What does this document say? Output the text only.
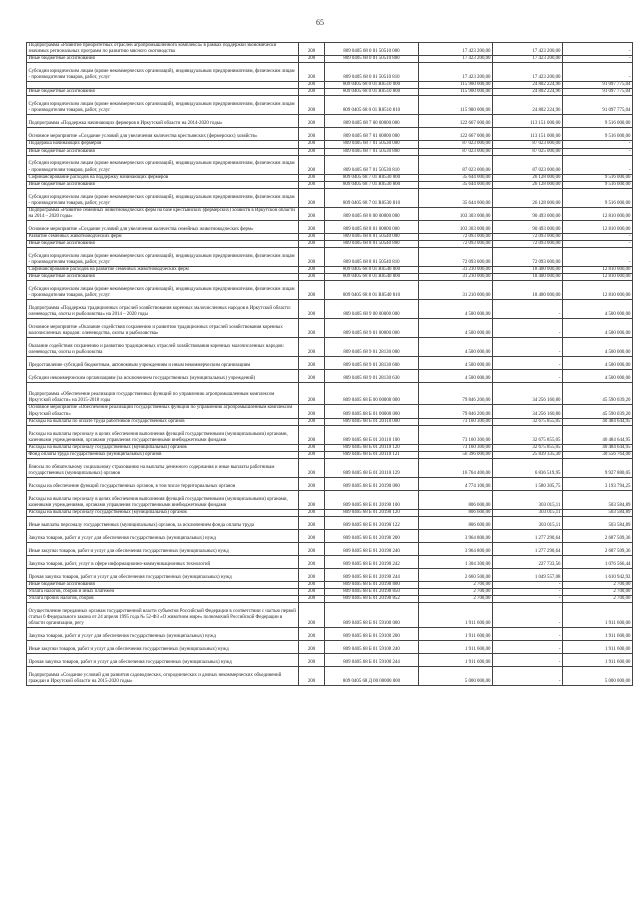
65
Подпрограмма «Развитие приоритетных отраслей агропромышленного комплекса» в рамках поддержки экономически значимых региональных программ по развитию мясного скотоводства	200	809 0405 68 0 01 50510 000	17 423 200,00	17 423 200,00	-
Иные бюджетные ассигнования	200	809 0405 68 0 01 50510 800	17 423 200,00	17 423 200,00	-
Субсидии юридическим лицам (кроме некоммерческих организаций), индивидуальным предпринимателям, физическим лицам - производителям товаров, работ, услуг	200	809 0405 68 0 01 50510 810	17 423 200,00	17 423 200,00	-
	200	809 0405 68 0 01 R0510 000	115 900 000,00	24 802 224,96	91 097 775,04
Иные бюджетные ассигнования	200	809 0405 68 0 01 R0510 800	115 900 000,00	24 802 224,96	91 097 775,04
Субсидии юридическим лицам (кроме некоммерческих организаций), индивидуальным предпринимателям, физическим лицам - производителям товаров, работ, услуг	200	809 0405 68 0 01 R0510 810	115 900 000,00	24 802 224,96	91 097 775,04
Подпрограмма «Поддержка начинающих фермеров в Иркутской области на 2014-2020 годы»	200	809 0405 68 7 00 00000 000	122 667 000,00	113 151 000,00	9 516 000,00
Основное мероприятие «Создание условий для увеличения количества крестьянских (фермерских) хозяйств»	200	809 0405 68 7 01 00000 000	122 667 000,00	113 151 000,00	9 516 000,00
Поддержка начинающих фермеров	200	809 0405 68 7 01 50530 000	87 023 000,00	87 023 000,00	-
Иные бюджетные ассигнования	200	809 0405 68 7 01 50530 800	87 023 000,00	87 025 000,00	-
Субсидии юридическим лицам (кроме некоммерческих организаций), индивидуальным предпринимателям, физическим лицам - производителям товаров, работ, услуг	200	809 0405 68 7 01 50530 810	87 023 000,00	87 023 000,00	-
Софинансирование расходов на поддержку начинающих фермеров	200	809 0405 68 7 01 R0530 000	35 644 000,00	26 128 000,00	9 516 000,00
Иные бюджетные ассигнования	200	809 0405 68 7 01 R0530 800	35 644 000,00	26 128 000,00	9 516 000,00
Субсидии юридическим лицам (кроме некоммерческих организаций), индивидуальным предпринимателям, физическим лицам - производителям товаров, работ, услуг	200	809 0405 68 7 01 R0530 810	35 644 000,00	26 128 000,00	9 516 000,00
Подпрограмма «Развитие семейных животноводческих ферм на базе крестьянских (фермерских) хозяйств в Иркутской области на 2014 – 2020 годы»	200	809 0405 68 8 00 00000 000	103 303 000,00	90 493 000,00	12 810 000,00
Основное мероприятие «Создание условий для увеличения количества семейных животноводческих ферм»	200	809 0405 68 8 01 00000 000	103 303 000,00	90 493 000,00	12 810 000,00
Развитие семейных животноводческих ферм	200	809 0405 68 8 01 50540 000	72 093 000,00	72 093 000,00	-
Иные бюджетные ассигнования	200	809 0405 68 8 01 50540 800	72 093 000,00	72 093 000,00	-
Субсидии юридическим лицам (кроме некоммерческих организаций), индивидуальным предпринимателям, физическим лицам - производителям товаров, работ, услуг	200	809 0405 68 8 01 50540 810	72 093 000,00	72 093 000,00	-
Софинансирование расходов на развитие семейных животноводческих ферм	200	809 0405 68 8 01 R0540 000	31 210 000,00	18 400 000,00	12 810 000,00
Иные бюджетные ассигнования	200	809 0405 68 8 01 R0540 800	31 210 000,00	18 400 000,00	12 810 000,00
Субсидии юридическим лицам (кроме некоммерческих организаций), индивидуальным предпринимателям, физическим лицам - производителям товаров, работ, услуг	200	809 0405 68 8 01 R0540 810	31 210 000,00	18 400 000,00	12 810 000,00
Подпрограмма «Поддержка традиционных отраслей хозяйствования коренных малочисленных народов в Иркутской области: оленеводства, охоты и рыболовства» на 2014 – 2020 годы	200	809 0405 68 9 00 00000 000	4 500 000,00	-	4 500 000,00
Основное мероприятие «Оказание содействия сохранению и развитию традиционных отраслей хозяйствования коренных малочисленных народов: оленеводства, охоты и рыболовства»	200	809 0405 68 9 01 00000 000	4 500 000,00	-	4 500 000,00
Оказание содействия сохранению и развитию традиционных отраслей хозяйствования коренных малочисленных народов: оленеводства, охоты и рыболовства	200	809 0405 68 9 01 28130 000	4 500 000,00	-	4 500 000,00
Предоставление субсидий бюджетным, автономным учреждениям и иным некоммерческим организациям	200	809 0405 68 9 01 28130 600	4 500 000,00	-	4 500 000,00
Субсидии некоммерческим организациям (за исключением государственных (муниципальных) учреждений)	200	809 0405 68 9 01 28130 630	4 500 000,00	-	4 500 000,00
Подпрограмма «Обеспечение реализации государственных функций по управлению агропромышленным комплексом Иркутской области» на 2015-2018 годы	200	809 0405 68 Б 00 00000 000	79 846 200,00	34 256 160,80	45 590 039,20
Основное мероприятие «Обеспечение реализации государственных функций по управлению агропромышленным комплексом Иркутской области»	200	809 0405 68 Б 01 00000 000	79 846 200,00	34 256 160,80	45 590 039,20
Расходы на выплаты по оплате труда работников государственных органов	200	809 0405 68 Б 01 20110 000	73 160 300,00	32 675 855,05	40 484 644,95
Расходы на выплаты персоналу в целях обеспечения выполнения функций государственными (муниципальными) органами, казенными учреждениями, органами управления государственными внебюджетными фондами	200	809 0405 68 Б 01 20110 100	73 160 300,00	32 675 855,05	40 484 644,95
Расходы на выплаты персоналу государственных (муниципальных) органов	200	809 0405 68 Б 01 20110 120	73 160 300,00	32 675 855,05	40 484 644,95
Фонд оплаты труда государственных (муниципальных) органов	200	809 0405 68 Б 01 20110 121	56 396 000,00	25 839 335,30	30 556 764,00
Взносы по обязательному социальному страхованию на выплаты денежного содержания и иные выплаты работникам государственных (муниципальных) органов	200	809 0405 68 Б 01 20110 129	16 764 400,00	6 836 519,95	9 927 880,05
Расходы на обеспечение функций государственных органов, в том числе территориальных органов	200	809 0405 68 Б 01 20190 000	4 774 100,00	1 580 305,75	3 193 794,25
Расходы на выплаты персоналу в целях обеспечения выполнения функций государственными (муниципальными) органами, казенными учреждениями, органами управления государственными внебюджетными фондами	200	809 0405 68 Б 01 20190 100	806 600,00	303 015,11	503 584,89
Расходы на выплаты персоналу государственных (муниципальных) органов	200	809 0405 68 Б 01 20190 120	806 600,00	303 015,11	503 584,89
Иные выплаты персоналу государственных (муниципальных) органов, за исключением фонда оплаты труда	200	809 0405 68 Б 01 20190 122	806 600,00	303 015,11	503 584,89
Закупка товаров, работ и услуг для обеспечения государственных (муниципальных) нужд	200	809 0405 68 Б 01 20190 200	3 964 800,00	1 277 290,64	2 687 509,36
Иные закупки товаров, работ и услуг для обеспечения государственных (муниципальных) нужд	200	809 0405 68 Б 01 20190 240	3 964 800,00	1 277 290,64	2 687 509,36
Закупка товаров, работ, услуг в сфере информационно-коммуникационных технологий	200	809 0405 68 Б 01 20190 242	1 304 300,00	227 733,56	1 076 566,44
Прочая закупка товаров, работ и услуг для обеспечения государственных (муниципальных) нужд	200	809 0405 68 Б 01 20190 244	2 660 500,00	1 049 557,08	1 610 942,92
Иные бюджетные ассигнования	200	809 0405 68 Б 01 20190 800	2 700,00	-	2 700,00
Уплата налогов, сборов и иных платежей	200	809 0405 68 Б 01 20190 850	2 700,00	-	2 700,00
Уплата прочих налогов, сборов	200	809 0405 68 Б 01 20190 852	2 700,00	-	2 700,00
Осуществление переданных органам государственной власти субъектов Российской Федерации в соответствии с частью первой статьи 6 Федерального закона от 24 апреля 1995 года № 52-ФЗ «О животном мире» полномочий Российской Федерации в области организации, регу	200	809 0405 68 Б 01 59100 000	1 911 600,00	-	1 911 600,00
Закупка товаров, работ и услуг для обеспечения государственных (муниципальных) нужд	200	809 0405 68 Б 01 59100 200	1 911 600,00	-	1 911 600,00
Иные закупки товаров, работ и услуг для обеспечения государственных (муниципальных) нужд	200	809 0405 68 Б 01 59100 240	1 911 600,00	-	1 911 600,00
Прочая закупка товаров, работ и услуг для обеспечения государственных (муниципальных) нужд	200	809 0405 68 Б 01 59100 244	1 911 600,00	-	1 911 600,00
Подпрограмма «Создание условий для развития садоводческих, огороднических и дачных некоммерческих объединений граждан в Иркутской области на 2015-2020 годы»	200	809 0405 68 Д 00 00000 000	5 000 000,00	-	5 000 000,00
